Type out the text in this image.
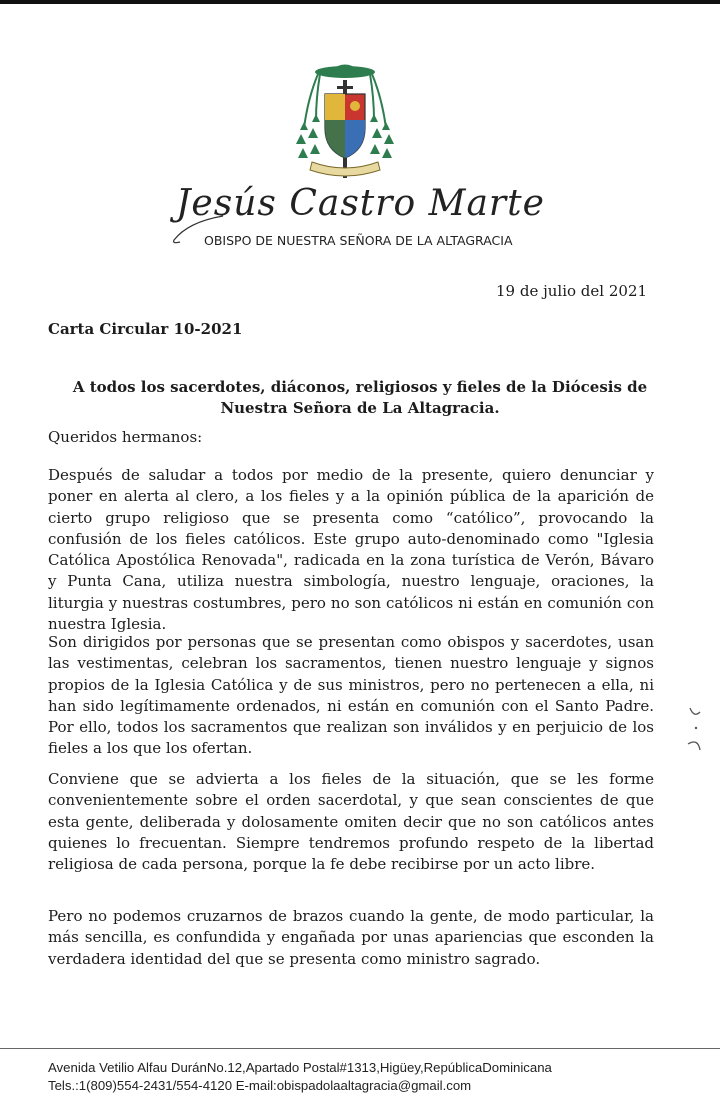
Jesús Castro Marte
OBISPO DE NUESTRA SEÑORA DE LA ALTAGRACIA
19 de julio del 2021
Carta Circular 10-2021
A todos los sacerdotes, diáconos, religiosos y fieles de la Diócesis de Nuestra Señora de La Altagracia.
Queridos hermanos:
Después de saludar a todos por medio de la presente, quiero denunciar y poner en alerta al clero, a los fieles y a la opinión pública de la aparición de cierto grupo religioso que se presenta como “católico”, provocando la confusión de los fieles católicos. Este grupo auto-denominado como "Iglesia Católica Apostólica Renovada", radicada en la zona turística de Verón, Bávaro y Punta Cana, utiliza nuestra simbología, nuestro lenguaje, oraciones, la liturgia y nuestras costumbres, pero no son católicos ni están en comunión con nuestra Iglesia.
Son dirigidos por personas que se presentan como obispos y sacerdotes, usan las vestimentas, celebran los sacramentos, tienen nuestro lenguaje y signos propios de la Iglesia Católica y de sus ministros, pero no pertenecen a ella, ni han sido legítimamente ordenados, ni están en comunión con el Santo Padre. Por ello, todos los sacramentos que realizan son inválidos y en perjuicio de los fieles a los que los ofertan.
Conviene que se advierta a los fieles de la situación, que se les forme convenientemente sobre el orden sacerdotal, y que sean conscientes de que esta gente, deliberada y dolosamente omiten decir que no son católicos antes quienes lo frecuentan. Siempre tendremos profundo respeto de la libertad religiosa de cada persona, porque la fe debe recibirse por un acto libre.
Pero no podemos cruzarnos de brazos cuando la gente, de modo particular, la más sencilla, es confundida y engañada por unas apariencias que esconden la verdadera identidad del que se presenta como ministro sagrado.
Avenida Vetilio Alfau DuránNo.12,Apartado Postal#1313,Higüey,RepúblicaDominicana
Tels.:1(809)554-2431/554-4120 E-mail:obispadolaaltagracia@gmail.com
